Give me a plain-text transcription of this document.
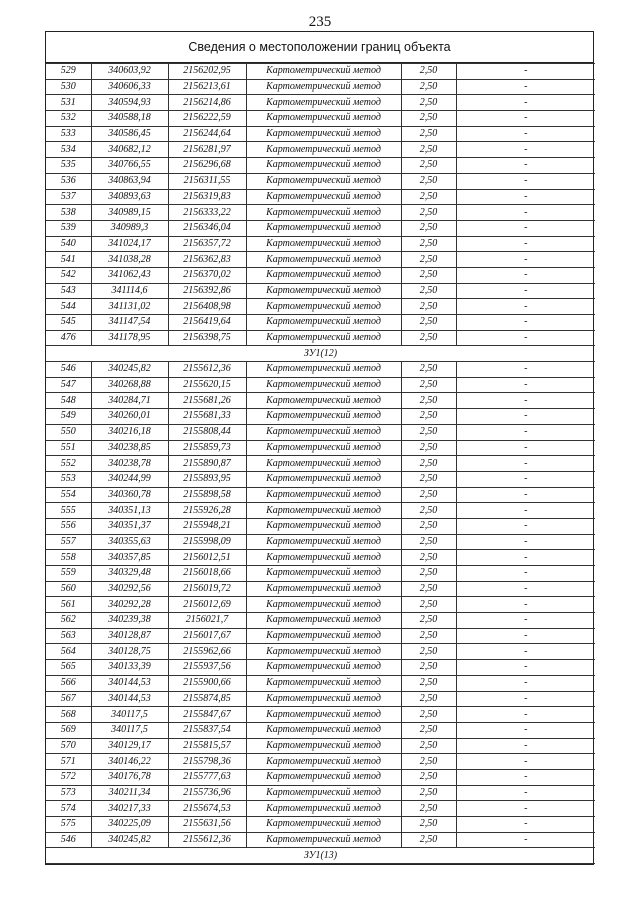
235
Сведения о местоположении границ объекта
529	340603,92	2156202,95	Картометрический метод	2,50	-
530	340606,33	2156213,61	Картометрический метод	2,50	-
531	340594,93	2156214,86	Картометрический метод	2,50	-
532	340588,18	2156222,59	Картометрический метод	2,50	-
533	340586,45	2156244,64	Картометрический метод	2,50	-
534	340682,12	2156281,97	Картометрический метод	2,50	-
535	340766,55	2156296,68	Картометрический метод	2,50	-
536	340863,94	2156311,55	Картометрический метод	2,50	-
537	340893,63	2156319,83	Картометрический метод	2,50	-
538	340989,15	2156333,22	Картометрический метод	2,50	-
539	340989,3	2156346,04	Картометрический метод	2,50	-
540	341024,17	2156357,72	Картометрический метод	2,50	-
541	341038,28	2156362,83	Картометрический метод	2,50	-
542	341062,43	2156370,02	Картометрический метод	2,50	-
543	341114,6	2156392,86	Картометрический метод	2,50	-
544	341131,02	2156408,98	Картометрический метод	2,50	-
545	341147,54	2156419,64	Картометрический метод	2,50	-
476	341178,95	2156398,75	Картометрический метод	2,50	-
ЗУ1(12)					
546	340245,82	2155612,36	Картометрический метод	2,50	-
547	340268,88	2155620,15	Картометрический метод	2,50	-
548	340284,71	2155681,26	Картометрический метод	2,50	-
549	340260,01	2155681,33	Картометрический метод	2,50	-
550	340216,18	2155808,44	Картометрический метод	2,50	-
551	340238,85	2155859,73	Картометрический метод	2,50	-
552	340238,78	2155890,87	Картометрический метод	2,50	-
553	340244,99	2155893,95	Картометрический метод	2,50	-
554	340360,78	2155898,58	Картометрический метод	2,50	-
555	340351,13	2155926,28	Картометрический метод	2,50	-
556	340351,37	2155948,21	Картометрический метод	2,50	-
557	340355,63	2155998,09	Картометрический метод	2,50	-
558	340357,85	2156012,51	Картометрический метод	2,50	-
559	340329,48	2156018,66	Картометрический метод	2,50	-
560	340292,56	2156019,72	Картометрический метод	2,50	-
561	340292,28	2156012,69	Картометрический метод	2,50	-
562	340239,38	2156021,7	Картометрический метод	2,50	-
563	340128,87	2156017,67	Картометрический метод	2,50	-
564	340128,75	2155962,66	Картометрический метод	2,50	-
565	340133,39	2155937,56	Картометрический метод	2,50	-
566	340144,53	2155900,66	Картометрический метод	2,50	-
567	340144,53	2155874,85	Картометрический метод	2,50	-
568	340117,5	2155847,67	Картометрический метод	2,50	-
569	340117,5	2155837,54	Картометрический метод	2,50	-
570	340129,17	2155815,57	Картометрический метод	2,50	-
571	340146,22	2155798,36	Картометрический метод	2,50	-
572	340176,78	2155777,63	Картометрический метод	2,50	-
573	340211,34	2155736,96	Картометрический метод	2,50	-
574	340217,33	2155674,53	Картометрический метод	2,50	-
575	340225,09	2155631,56	Картометрический метод	2,50	-
546	340245,82	2155612,36	Картометрический метод	2,50	-
ЗУ1(13)					
